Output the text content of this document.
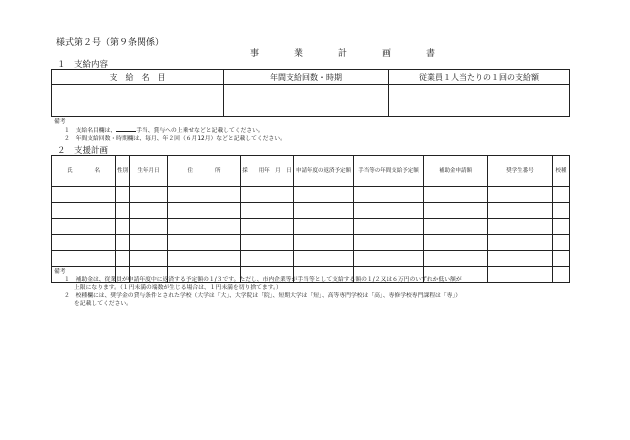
様式第２号（第９条関係）
事　業　計　画　書
１　支給内容
支　給　名　目	年間支給回数・時期	従業員１人当たりの１回の支給額

備考
１　支給名目欄は、	手当、賞与への上乗せなどと記載してください。
２　年間支給回数・時期欄は、毎月、年２回（６月12月）などと記載してください。
２　支援計画
氏　　　　名	性別	生年月日	住　　　　所	採　　用年　月　日	申請年度の返済予定額	手当等の年間支給予定額	補助金申請額	奨学生番号	校種

備考
１　補助金は、従業員が申請年度中に返済する予定額の１/３です。ただし、市内企業等が手当等として支給する額の１/２又は６万円のいずれか低い額が
上限になります。（１円未満の端数が生じる場合は、１円未満を切り捨てます。）
２　校種欄には、奨学金の貸与条件とされた学校（大学は「大」、大学院は「院」、短期大学は「短」、高等専門学校は「高」、専修学校専門課程は「専」）
を記載してください。
